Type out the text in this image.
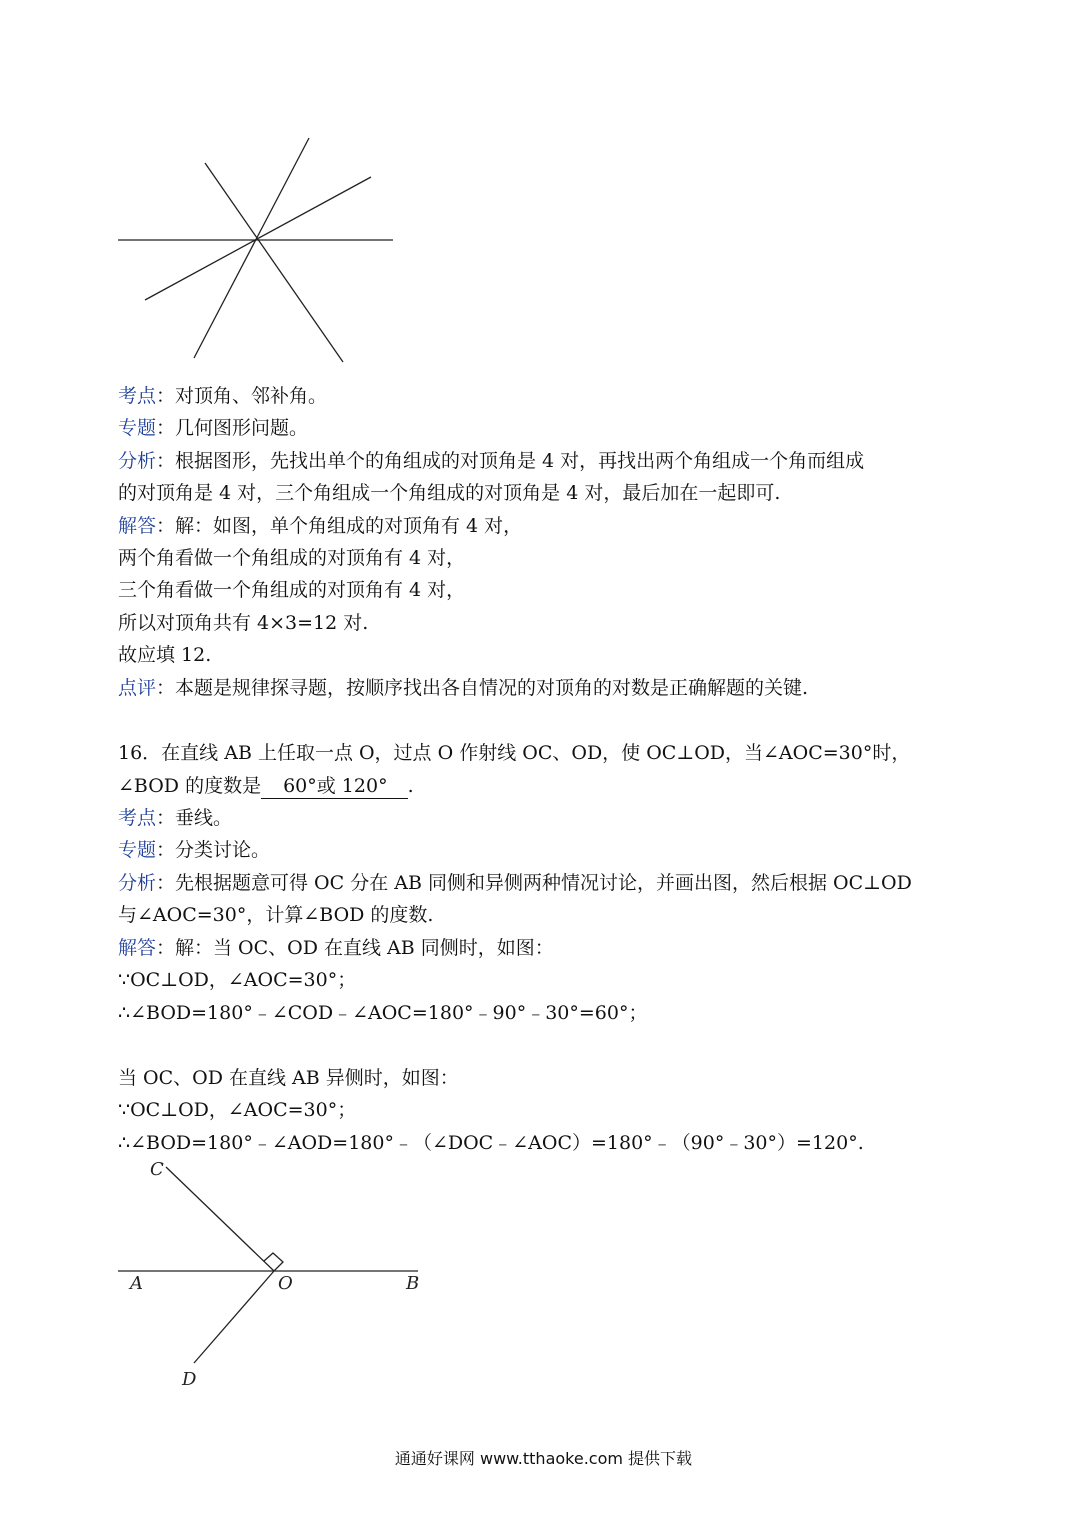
考点：对顶角、邻补角。

专题：几何图形问题。

分析：根据图形，先找出单个的角组成的对顶角是 4 对，再找出两个角组成一个角而组成

的对顶角是 4 对，三个角组成一个角组成的对顶角是 4 对，最后加在一起即可.

解答：解：如图，单个角组成的对顶角有 4 对，

两个角看做一个角组成的对顶角有 4 对，

三个角看做一个角组成的对顶角有 4 对，

所以对顶角共有 4×3=12 对.

故应填 12.

点评：本题是规律探寻题，按顺序找出各自情况的对顶角的对数是正确解题的关键.

16．在直线 AB 上任取一点 O，过点 O 作射线 OC、OD，使 OC⊥OD，当∠AOC=30°时，

∠BOD 的度数是 60°或 120° .

考点：垂线。

专题：分类讨论。

分析：先根据题意可得 OC 分在 AB 同侧和异侧两种情况讨论，并画出图，然后根据 OC⊥OD

与∠AOC=30°，计算∠BOD 的度数.

解答：解：当 OC、OD 在直线 AB 同侧时，如图：

∵OC⊥OD，∠AOC=30°；

∴∠BOD=180°﹣∠COD﹣∠AOC=180°﹣90°﹣30°=60°；

当 OC、OD 在直线 AB 异侧时，如图：

∵OC⊥OD，∠AOC=30°；

∴∠BOD=180°﹣∠AOD=180°﹣（∠DOC﹣∠AOC）=180°﹣（90°﹣30°）=120°.

C
A	O	B
D
通通好课网 www.tthaoke.com 提供下载
